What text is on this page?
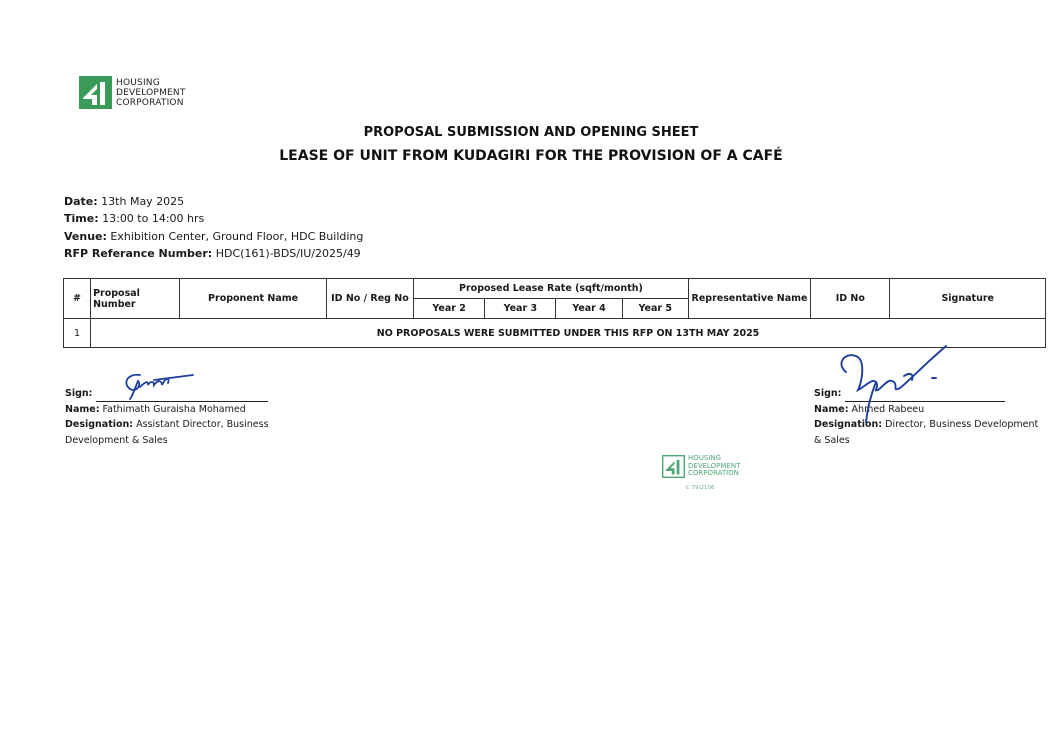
HOUSING
DEVELOPMENT
CORPORATION
PROPOSAL SUBMISSION AND OPENING SHEET
LEASE OF UNIT FROM KUDAGIRI FOR THE PROVISION OF A CAFÉ
Date: 13th May 2025
Time: 13:00 to 14:00 hrs
Venue: Exhibition Center, Ground Floor, HDC Building
RFP Referance Number: HDC(161)-BDS/IU/2025/49
#	Proposal Number	Proponent Name	ID No / Reg No	Proposed Lease Rate (sqft/month)				Representative Name	ID No	Signature
				Year 2	Year 3	Year 4	Year 5			
1	NO PROPOSALS WERE SUBMITTED UNDER THIS RFP ON 13TH MAY 2025									
Sign:
Name: Fathimath Guraisha Mohamed
Designation: Assistant Director, Business Development & Sales
Sign:
Name: Ahmed Rabeeu
Designation: Director, Business Development & Sales
HOUSING
DEVELOPMENT
CORPORATION
C 79/2106
